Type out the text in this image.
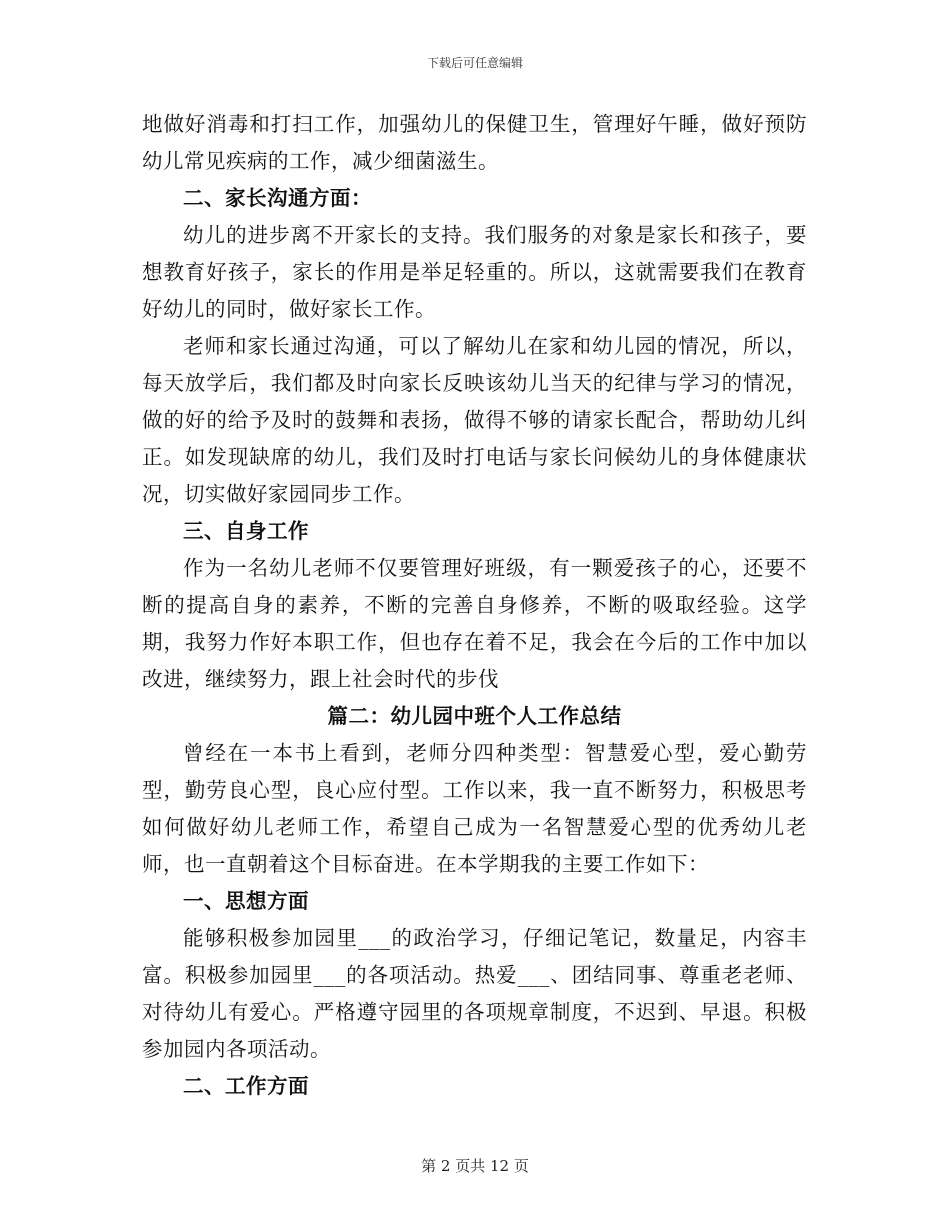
下载后可任意编辑

地做好消毒和打扫工作，加强幼儿的保健卫生，管理好午睡，做好预防幼儿常见疾病的工作，减少细菌滋生。

二、家长沟通方面：

幼儿的进步离不开家长的支持。我们服务的对象是家长和孩子，要想教育好孩子，家长的作用是举足轻重的。所以，这就需要我们在教育好幼儿的同时，做好家长工作。

老师和家长通过沟通，可以了解幼儿在家和幼儿园的情况，所以，每天放学后，我们都及时向家长反映该幼儿当天的纪律与学习的情况，做的好的给予及时的鼓舞和表扬，做得不够的请家长配合，帮助幼儿纠正。如发现缺席的幼儿，我们及时打电话与家长问候幼儿的身体健康状况，切实做好家园同步工作。

三、自身工作

作为一名幼儿老师不仅要管理好班级，有一颗爱孩子的心，还要不断的提高自身的素养，不断的完善自身修养，不断的吸取经验。这学期，我努力作好本职工作，但也存在着不足，我会在今后的工作中加以改进，继续努力，跟上社会时代的步伐

篇二：幼儿园中班个人工作总结

曾经在一本书上看到，老师分四种类型：智慧爱心型，爱心勤劳型，勤劳良心型，良心应付型。工作以来，我一直不断努力，积极思考如何做好幼儿老师工作，希望自己成为一名智慧爱心型的优秀幼儿老师，也一直朝着这个目标奋进。在本学期我的主要工作如下：

一、思想方面

能够积极参加园里___的政治学习，仔细记笔记，数量足，内容丰富。积极参加园里___的各项活动。热爱___、团结同事、尊重老老师、对待幼儿有爱心。严格遵守园里的各项规章制度，不迟到、早退。积极参加园内各项活动。

二、工作方面
第 2 页共 12 页
